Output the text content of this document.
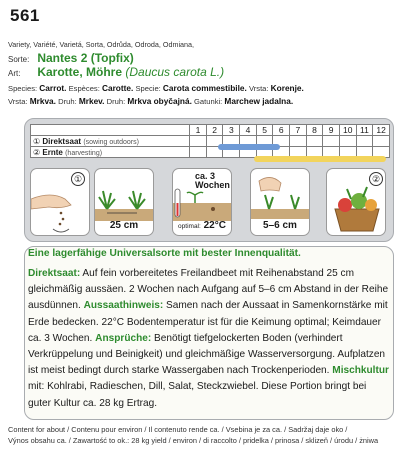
561
Variety, Variété, Varietá, Sorta, Odrůda, Odroda, Odmiana,
Sorte: Nantes 2 (Topfix)
Art: Karotte, Möhre (Daucus carota L.)
Species: Carrot. Espèces: Carotte. Specie: Carota commestibile. Vrsta: Korenje.
Vrsta: Mrkva. Druh: Mrkev. Druh: Mrkva obyčajná. Gatunki: Marchew jadalna.
	1	2	3	4	5	6	7	8	9	10	11	12
① Direktsaat (sowing outdoors)												
② Ernte (harvesting)												
①
25 cm
ca. 3
Wochen
optimal: 22°C	5–6 cm
②
Eine lagerfähige Universalsorte mit bester Innenqualität.
Direktsaat: Auf fein vorbereitetes Freilandbeet mit Reihenabstand 25 cm gleichmäßig aussäen. 2 Wochen nach Aufgang auf 5–6 cm Abstand in der Reihe ausdünnen. Aussaathinweis: Samen nach der Aussaat in Samenkornstärke mit Erde bedecken. 22°C Bodentemperatur ist für die Keimung optimal; Keimdauer ca. 3 Wochen. Ansprüche: Benötigt tiefgelockerten Boden (verhindert Verkrüppelung und Beinigkeit) und gleichmäßige Wasserversorgung. Aufplatzen ist meist bedingt durch starke Wassergaben nach Trockenperioden. Mischkultur mit: Kohlrabi, Radieschen, Dill, Salat, Steckzwiebel. Diese Portion bringt bei guter Kultur ca. 28 kg Ertrag.
Content for about / Contenu pour environ / Il contenuto rende ca. / Vsebina je za ca. / Sadržaj daje oko /
Výnos obsahu ca. / Zawartość to ok.: 28 kg yield / environ / di raccolto / pridelka / prinosa / sklizeň / úrodu / żniwa
